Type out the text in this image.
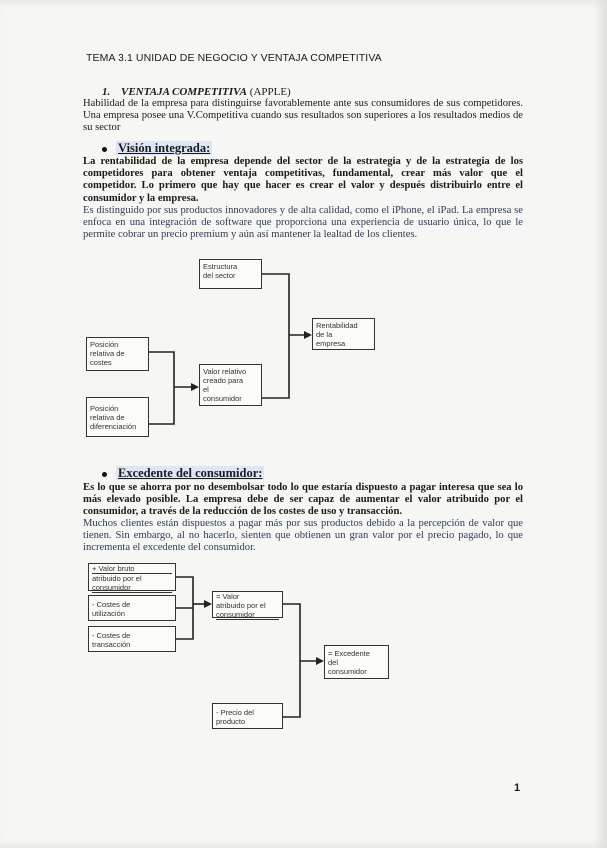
TEMA 3.1 UNIDAD DE NEGOCIO Y VENTAJA COMPETITIVA
1. VENTAJA COMPETITIVA (APPLE)

Habilidad de la empresa para distinguirse favorablemente ante sus consumidores de sus competidores. Una empresa posee una V.Competitiva cuando sus resultados son superiores a los resultados medios de su sector

Visión integrada:

La rentabilidad de la empresa depende del sector de la estrategia y de la estrategia de los competidores para obtener ventaja competitivas, fundamental, crear más valor que el competidor. Lo primero que hay que hacer es crear el valor y después distribuirlo entre el consumidor y la empresa.

Es distinguido por sus productos innovadores y de alta calidad, como el iPhone, el iPad. La empresa se enfoca en una integración de software que proporciona una experiencia de usuario única, lo que le permite cobrar un precio premium y aún así mantener la lealtad de los clientes.

Estructura
del sector
Rentabilidad
de la
empresa
Posición
relativa de
costes
Valor relativo
creado para
el
consumidor
Posición
relativa de
diferenciación
Excedente del consumidor:

Es lo que se ahorra por no desembolsar todo lo que estaría dispuesto a pagar interesa que sea lo más elevado posible. La empresa debe de ser capaz de aumentar el valor atribuido por el consumidor, a través de la reducción de los costes de uso y transacción.

Muchos clientes están dispuestos a pagar más por sus productos debido a la percepción de valor que tienen. Sin embargo, al no hacerlo, sienten que obtienen un gran valor por el precio pagado, lo que incrementa el excedente del consumidor.

+ Valor bruto
atribuido por el
consumidor
- Costes de
utilización
- Costes de
transacción
= Valor
atribuido por el
consumidor
= Excedente
del
consumidor
- Precio del
producto
1
